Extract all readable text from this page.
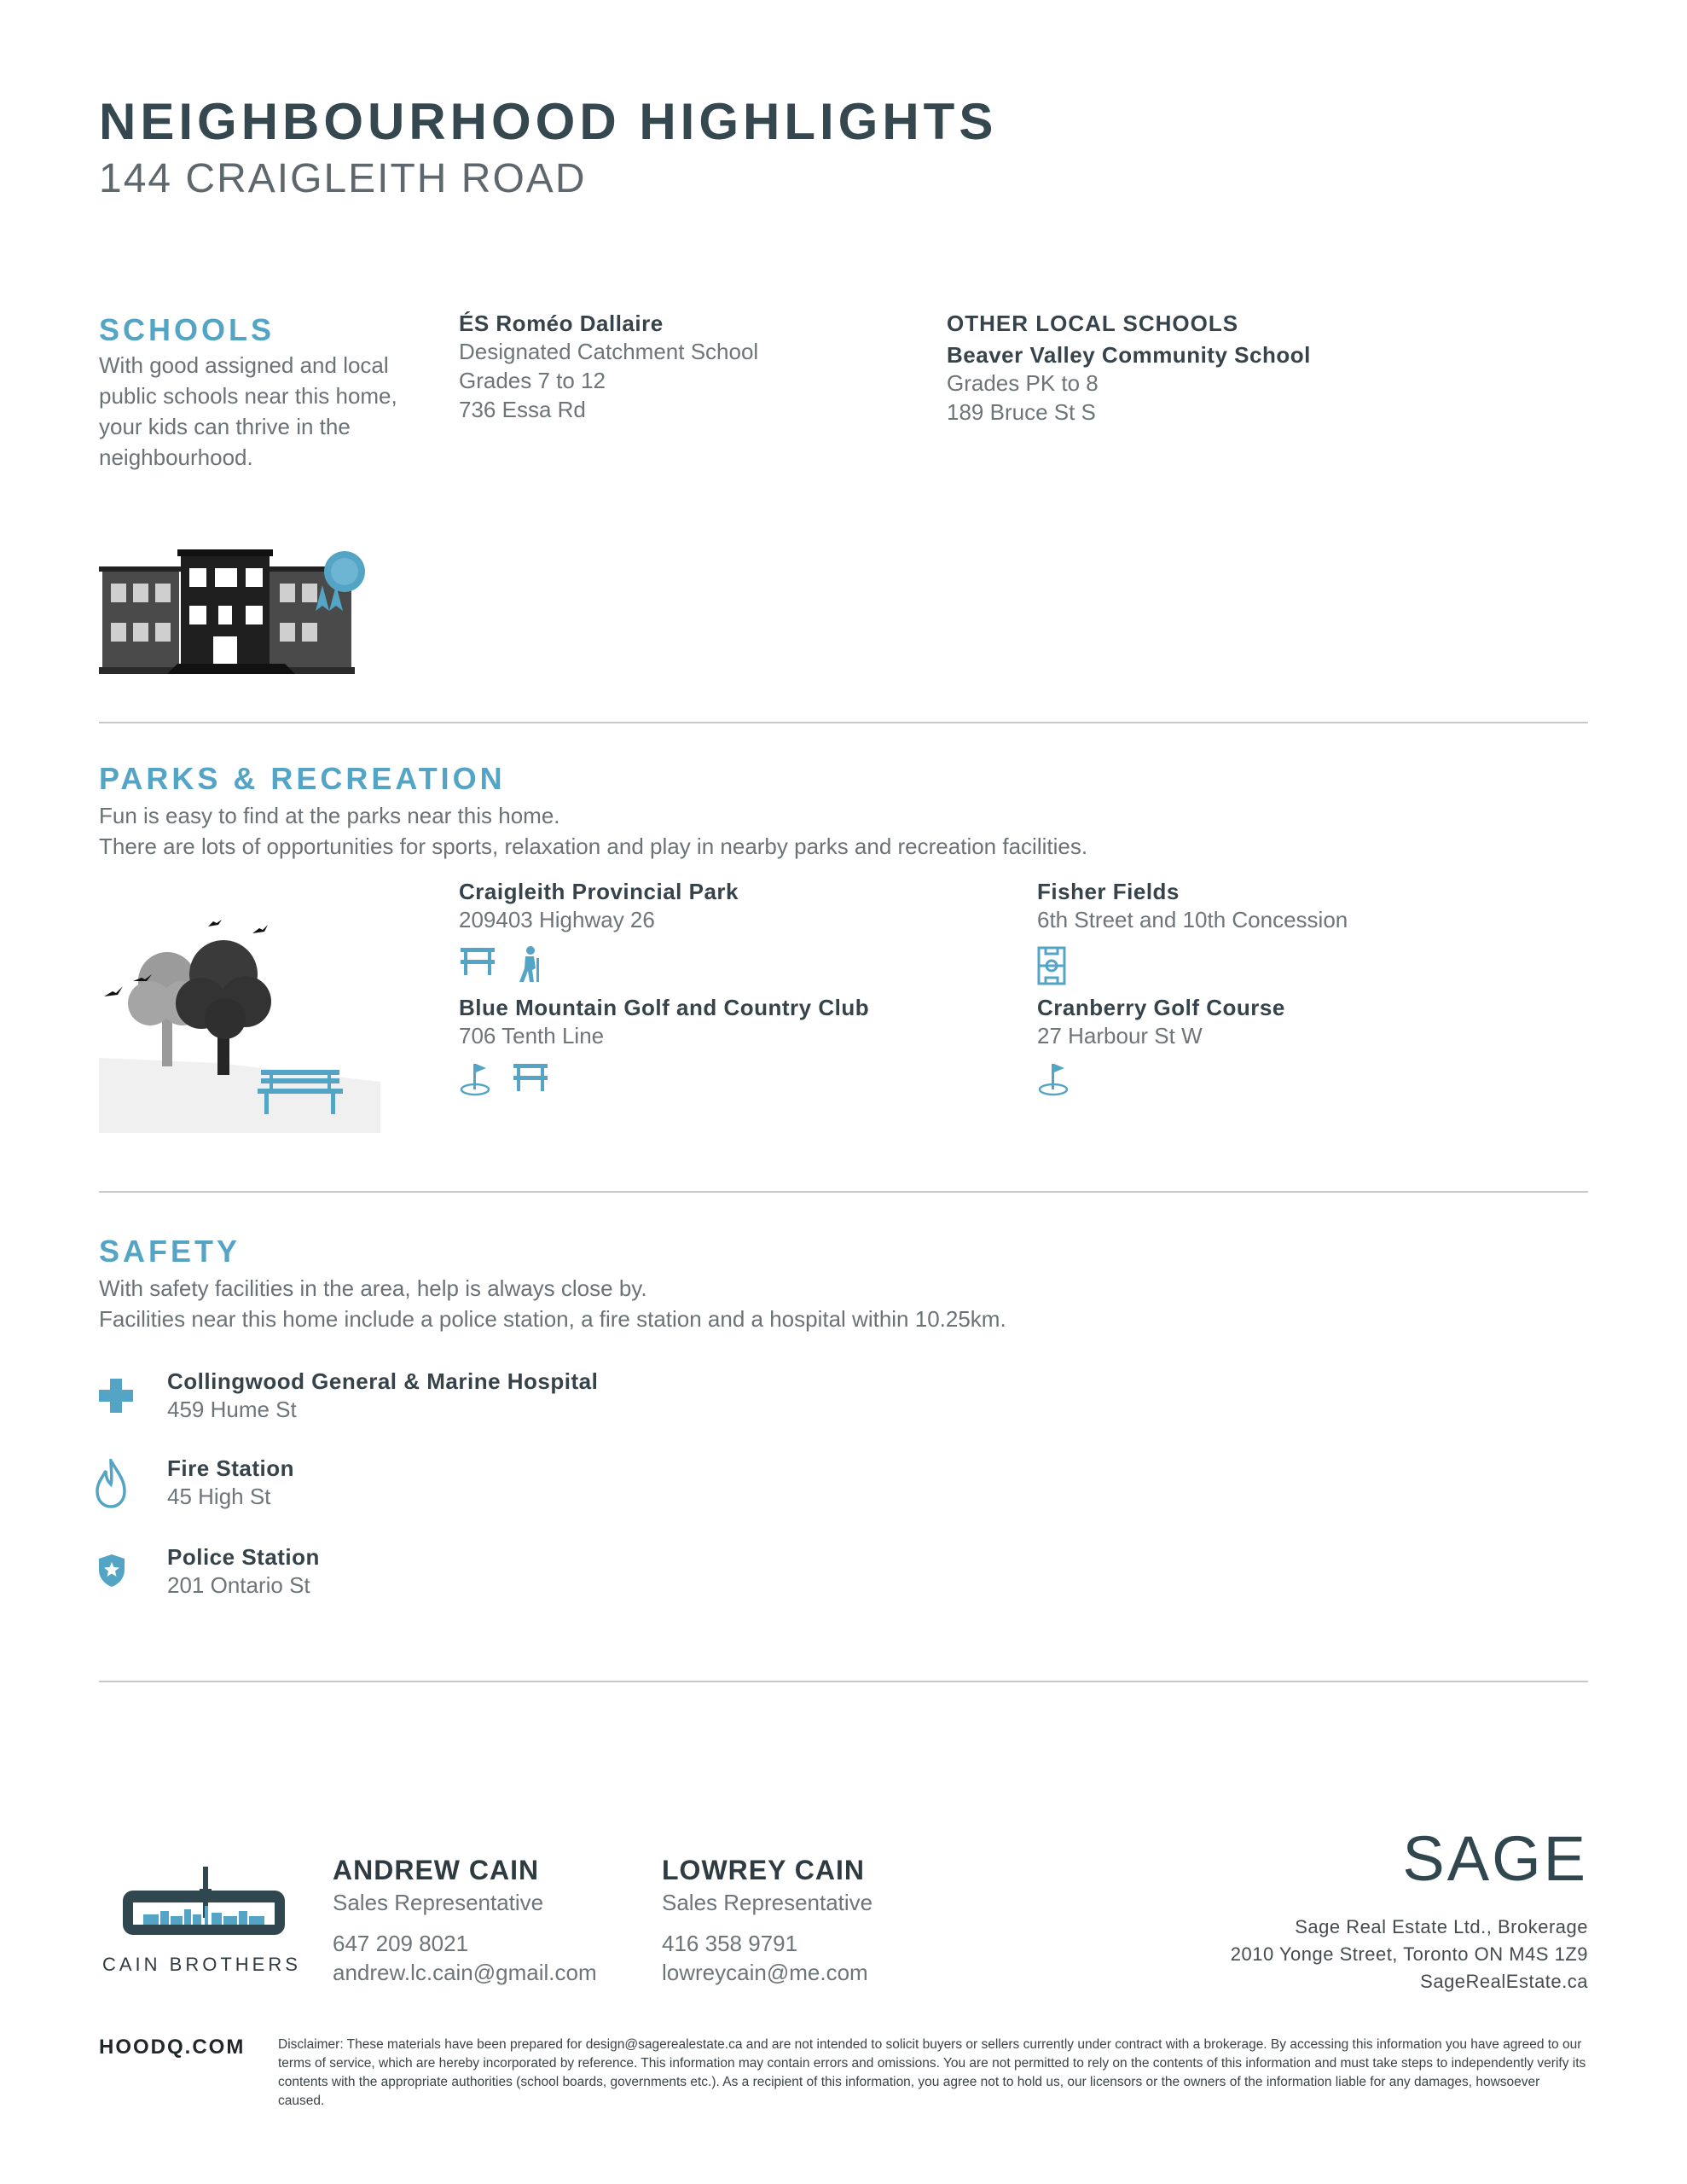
NEIGHBOURHOOD HIGHLIGHTS
144 CRAIGLEITH ROAD
SCHOOLS
With good assigned and local public schools near this home, your kids can thrive in the neighbourhood.
ÉS Roméo Dallaire
Designated Catchment School
Grades 7 to 12
736 Essa Rd
OTHER LOCAL SCHOOLS
Beaver Valley Community School
Grades PK to 8
189 Bruce St S
PARKS & RECREATION
Fun is easy to find at the parks near this home.
There are lots of opportunities for sports, relaxation and play in nearby parks and recreation facilities.
Craigleith Provincial Park
209403 Highway 26
Fisher Fields
6th Street and 10th Concession
Blue Mountain Golf and Country Club
706 Tenth Line
Cranberry Golf Course
27 Harbour St W
SAFETY
With safety facilities in the area, help is always close by.
Facilities near this home include a police station, a fire station and a hospital within 10.25km.
Collingwood General & Marine Hospital
459 Hume St
Fire Station
45 High St
Police Station
201 Ontario St
CAIN BROTHERS
ANDREW CAIN
Sales Representative
647 209 8021
andrew.lc.cain@gmail.com
LOWREY CAIN
Sales Representative
416 358 9791
lowreycain@me.com
SAGE
Sage Real Estate Ltd., Brokerage
2010 Yonge Street, Toronto ON M4S 1Z9
SageRealEstate.ca
HOODQ.COM Disclaimer: These materials have been prepared for design@sagerealestate.ca and are not intended to solicit buyers or sellers currently under contract with a brokerage. By accessing this information you have agreed to our terms of service, which are hereby incorporated by reference. This information may contain errors and omissions. You are not permitted to rely on the contents of this information and must take steps to independently verify its contents with the appropriate authorities (school boards, governments etc.). As a recipient of this information, you agree not to hold us, our licensors or the owners of the information liable for any damages, howsoever caused.
